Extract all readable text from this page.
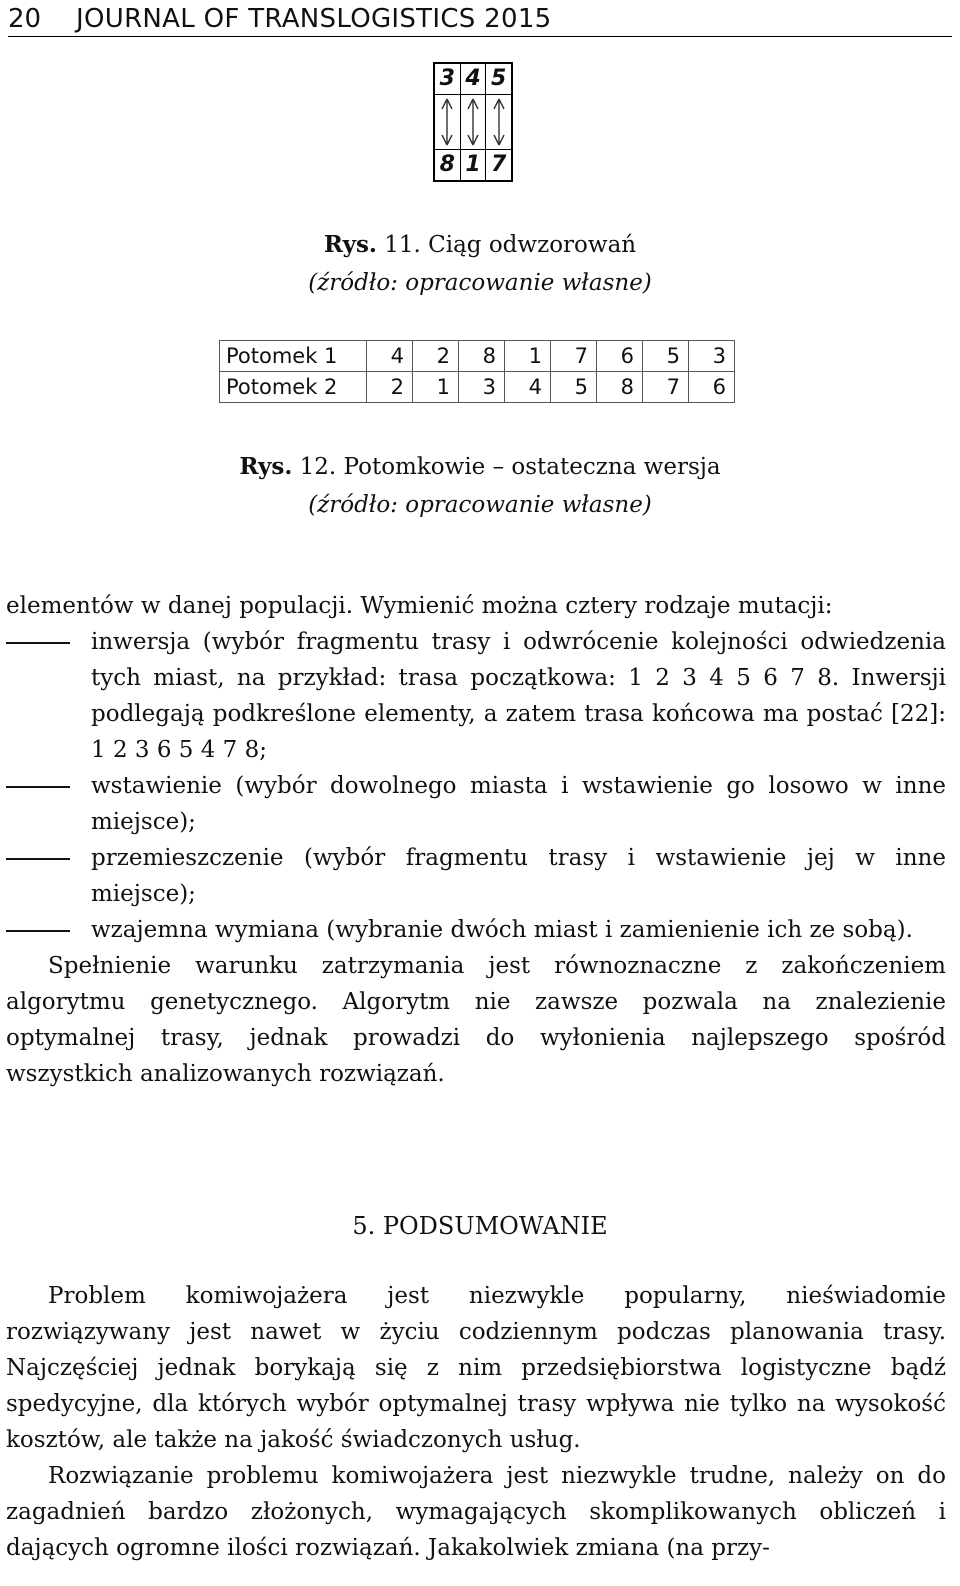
20 JOURNAL OF TRANSLOGISTICS 2015
3 4 5
8 1 7
Rys. 11. Ciąg odwzorowań
(źródło: opracowanie własne)
Potomek 1	4	2	8	1	7	6	5	3
Potomek 2	2	1	3	4	5	8	7	6
Rys. 12. Potomkowie – ostateczna wersja
(źródło: opracowanie własne)

elementów w danej populacji. Wymienić można cztery rodzaje mutacji:

inwersja (wybór fragmentu trasy i odwrócenie kolejności odwiedzenia tych miast, na przykład: trasa początkowa: 1 2 3 4 5 6 7 8. Inwersji podlegają podkreślone elementy, a zatem trasa końcowa ma postać [22]: 1 2 3 6 5 4 7 8;
wstawienie (wybór dowolnego miasta i wstawienie go losowo w inne miejsce);
przemieszczenie (wybór fragmentu trasy i wstawienie jej w inne miejsce);
wzajemna wymiana (wybranie dwóch miast i zamienienie ich ze sobą).

Spełnienie warunku zatrzymania jest równoznaczne z zakończeniem algorytmu genetycznego. Algorytm nie zawsze pozwala na znalezienie optymalnej trasy, jednak prowadzi do wyłonienia najlepszego spośród wszystkich analizowanych rozwiązań.

5. PODSUMOWANIE

Problem komiwojażera jest niezwykle popularny, nieświadomie rozwiązywany jest nawet w życiu codziennym podczas planowania trasy. Najczęściej jednak borykają się z nim przedsiębiorstwa logistyczne bądź spedycyjne, dla których wybór optymalnej trasy wpływa nie tylko na wysokość kosztów, ale także na jakość świadczonych usług.

Rozwiązanie problemu komiwojażera jest niezwykle trudne, należy on do zagadnień bardzo złożonych, wymagających skomplikowanych obliczeń i dających ogromne ilości rozwiązań. Jakakolwiek zmiana (na przy-
